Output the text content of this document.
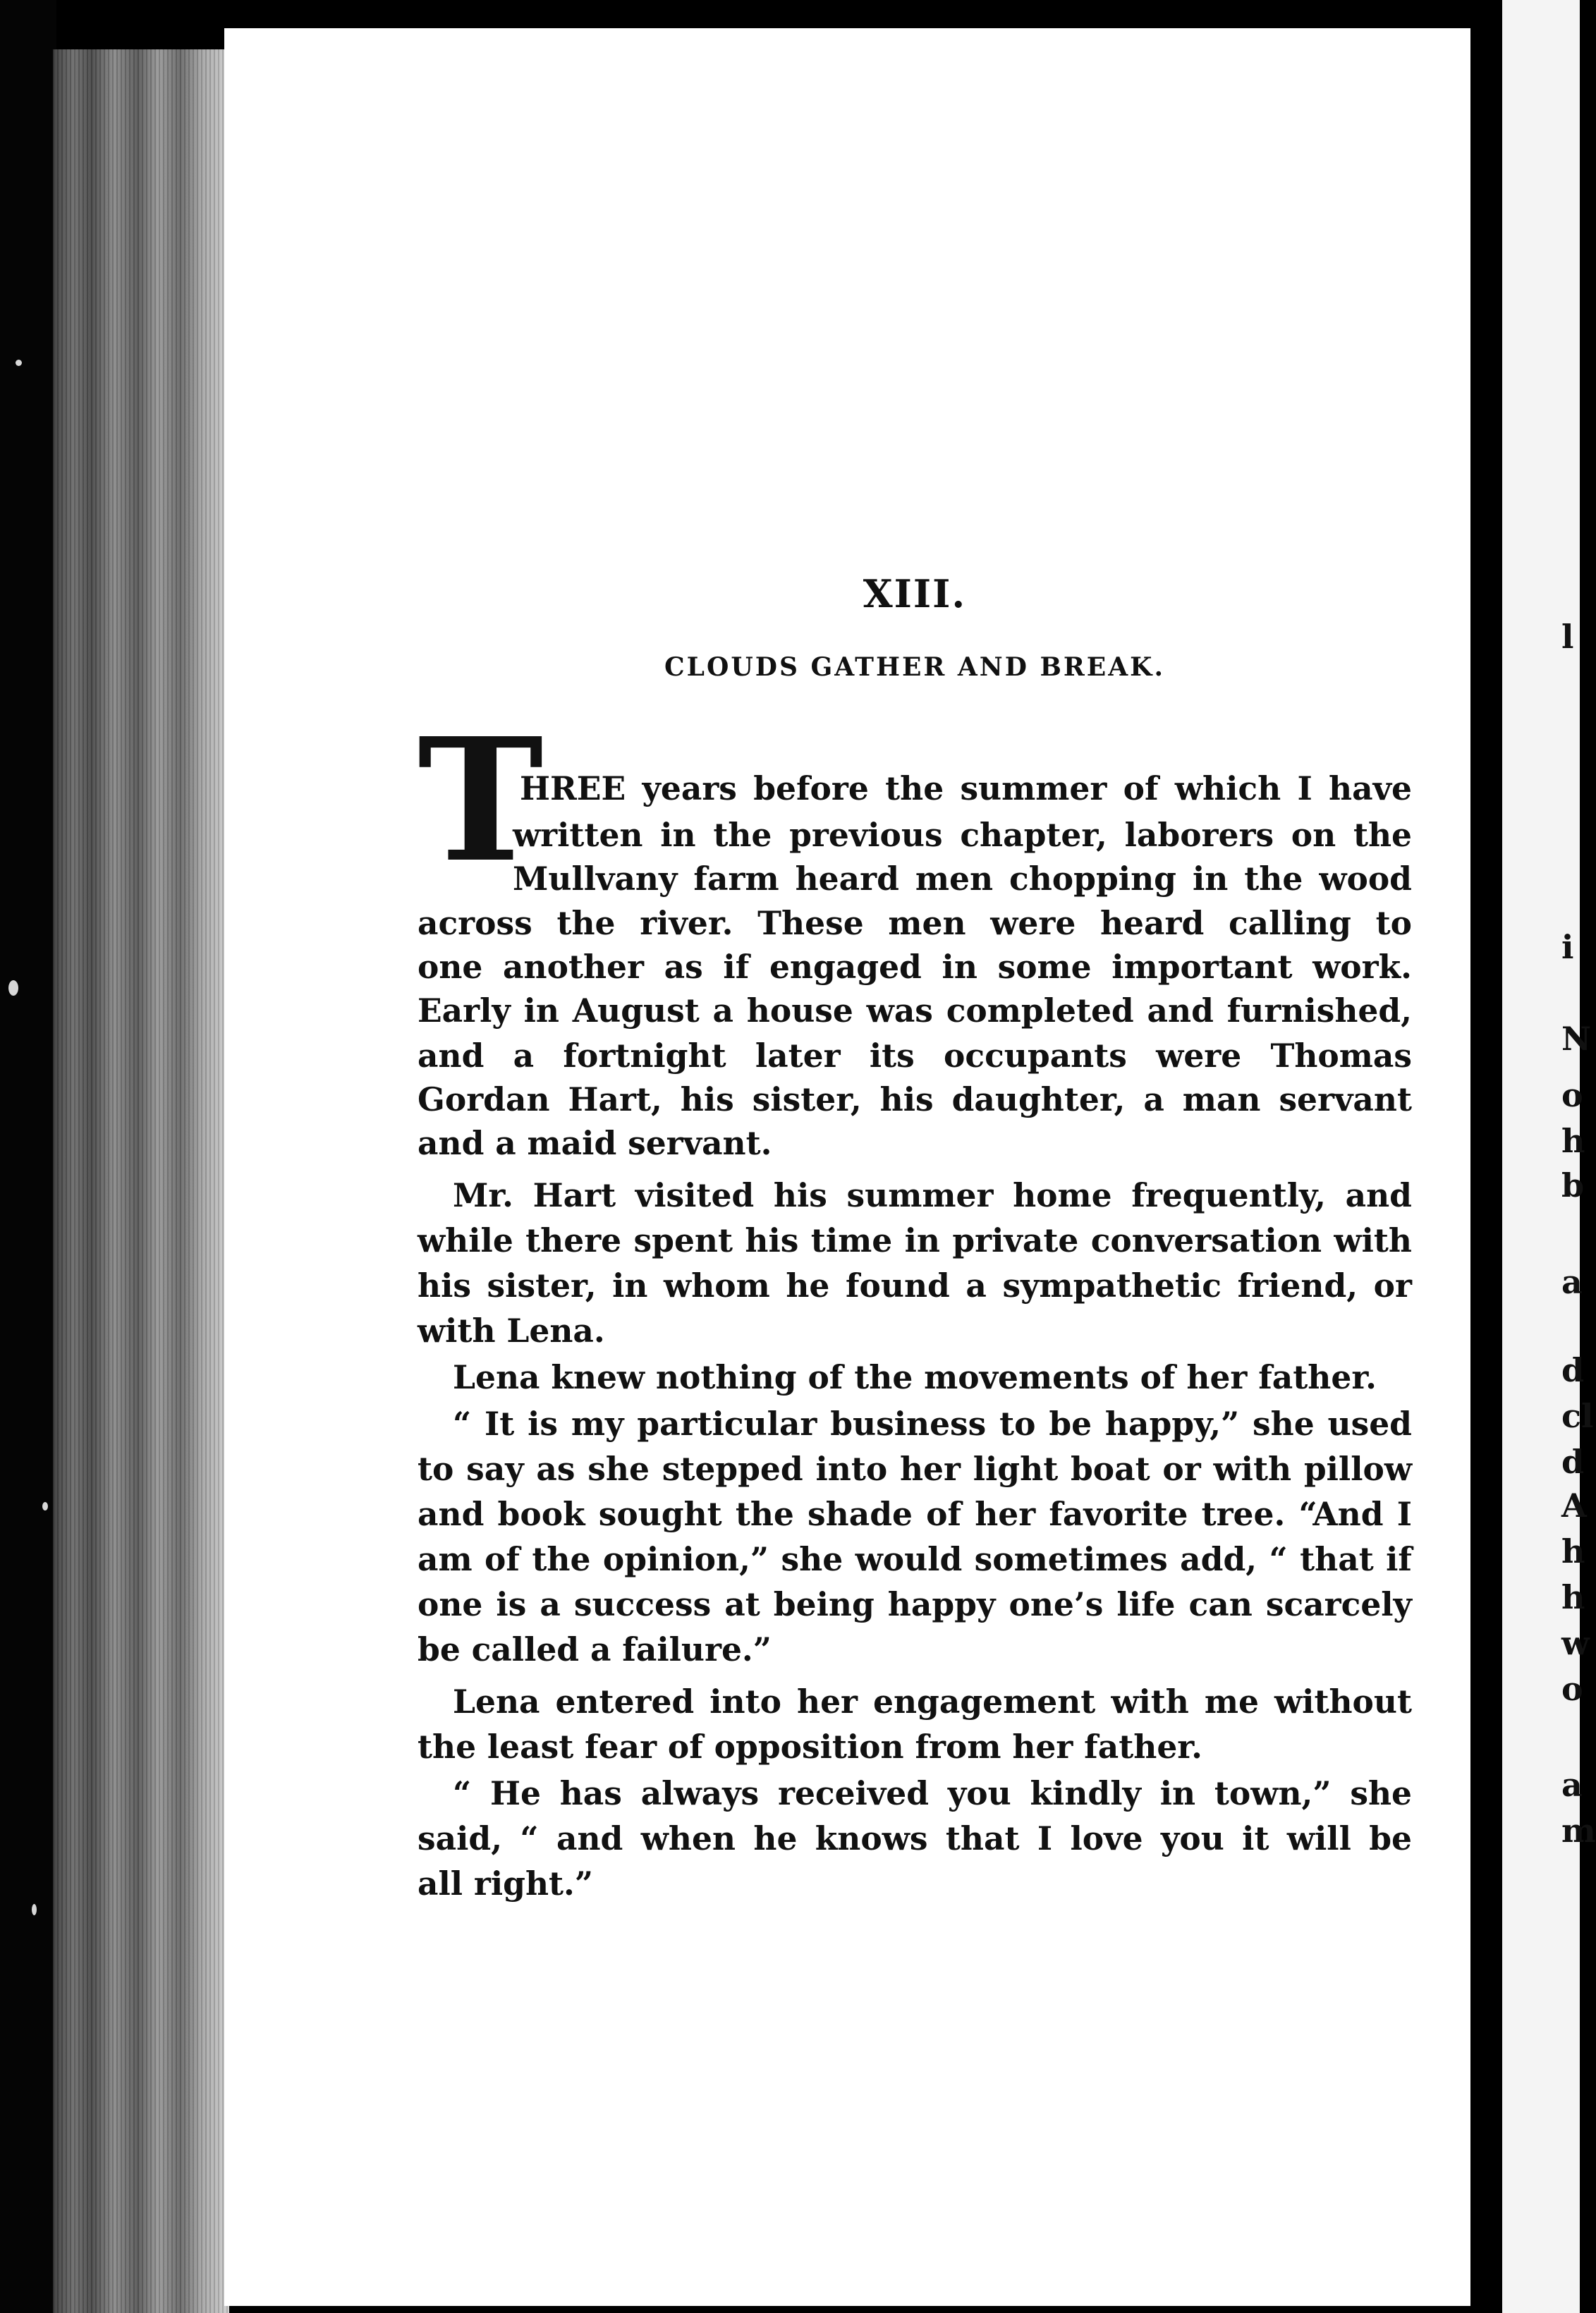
l
i
N
o
h
b
a
d
cl
d
A
h
h
w
o
a
m
XIII.
CLOUDS GATHER AND BREAK.
T
HREE years before the summer of which I have
written in the previous chapter, laborers on the
Mullvany farm heard men chopping in the wood
across the river. These men were heard calling to
one another as if engaged in some important work.
Early in August a house was completed and furnished,
and a fortnight later its occupants were Thomas
Gordan Hart, his sister, his daughter, a man servant
and a maid servant.
Mr. Hart visited his summer home frequently, and
while there spent his time in private conversation with
his sister, in whom he found a sympathetic friend, or
with Lena.
Lena knew nothing of the movements of her father.
“ It is my particular business to be happy,” she used
to say as she stepped into her light boat or with pillow
and book sought the shade of her favorite tree. “And I
am of the opinion,” she would sometimes add, “ that if
one is a success at being happy one’s life can scarcely
be called a failure.”
Lena entered into her engagement with me without
the least fear of opposition from her father.
“ He has always received you kindly in town,” she
said, “ and when he knows that I love you it will be
all right.”
